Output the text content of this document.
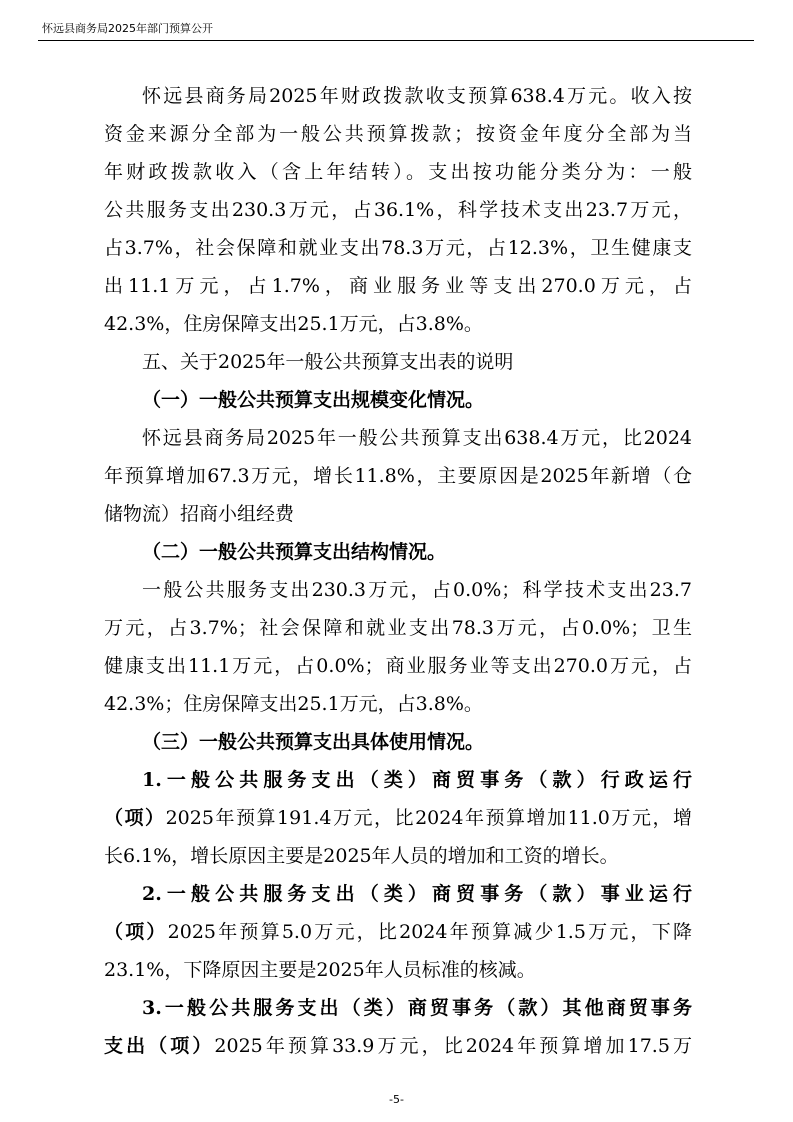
怀远县商务局2025年部门预算公开
怀远县商务局2025年财政拨款收支预算638.4万元。收入按
资金来源分全部为一般公共预算拨款；按资金年度分全部为当
年财政拨款收入（含上年结转）。支出按功能分类分为：一般
公共服务支出230.3万元，占36.1%，科学技术支出23.7万元，
占3.7%，社会保障和就业支出78.3万元，占12.3%，卫生健康支
出11.1万元，占1.7%，商业服务业等支出270.0万元，占
42.3%，住房保障支出25.1万元，占3.8%。
五、关于2025年一般公共预算支出表的说明
（一）一般公共预算支出规模变化情况。
怀远县商务局2025年一般公共预算支出638.4万元，比2024
年预算增加67.3万元，增长11.8%，主要原因是2025年新增（仓
储物流）招商小组经费
（二）一般公共预算支出结构情况。
一般公共服务支出230.3万元，占0.0%；科学技术支出23.7
万元，占3.7%；社会保障和就业支出78.3万元，占0.0%；卫生
健康支出11.1万元，占0.0%；商业服务业等支出270.0万元，占
42.3%；住房保障支出25.1万元，占3.8%。
（三）一般公共预算支出具体使用情况。
1.一般公共服务支出（类）商贸事务（款）行政运行
（项）2025年预算191.4万元，比2024年预算增加11.0万元，增
长6.1%，增长原因主要是2025年人员的增加和工资的增长。
2.一般公共服务支出（类）商贸事务（款）事业运行
（项）2025年预算5.0万元，比2024年预算减少1.5万元，下降
23.1%，下降原因主要是2025年人员标准的核减。
3.一般公共服务支出（类）商贸事务（款）其他商贸事务
支出（项）2025年预算33.9万元，比2024年预算增加17.5万
-5-
